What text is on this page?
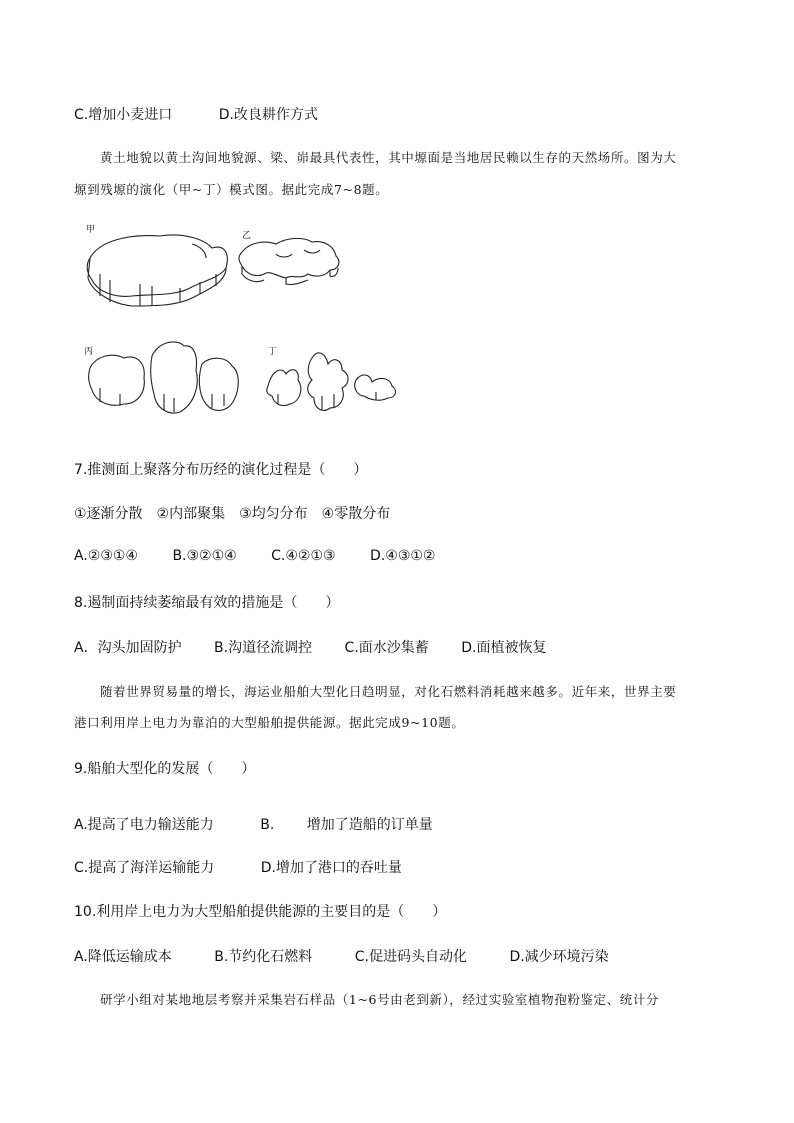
C.增加小麦进口	D.改良耕作方式
黄土地貌以黄土沟间地貌源、梁、峁最具代表性，其中塬面是当地居民赖以生存的天然场所。图为大
塬到残塬的演化（甲~丁）模式图。据此完成7~8题。
甲
乙
丙	丁
7.推测面上聚落分布历经的演化过程是（　　）
①逐渐分散　②内部聚集　③均匀分布　④零散分布
A.②③①④ B.③②①④ C.④②①③ D.④③①②
8.遏制面持续萎缩最有效的措施是（　　）
A．沟头加固防护 B.沟道径流调控 C.面水沙集蓄 D.面植被恢复
随着世界贸易量的增长，海运业船舶大型化日趋明显，对化石燃料消耗越来越多。近年来，世界主要
港口利用岸上电力为靠泊的大型船舶提供能源。据此完成9~10题。
9.船舶大型化的发展（　　）
A.提高了电力输送能力	B. 增加了造船的订单量
C.提高了海洋运输能力	D.增加了港口的吞吐量
10.利用岸上电力为大型船舶提供能源的主要目的是（　　）
A.降低运输成本	B.节约化石燃料	C.促进码头自动化	D.减少环境污染
研学小组对某地地层考察并采集岩石样品（1~6号由老到新），经过实验室植物孢粉鉴定、统计分
